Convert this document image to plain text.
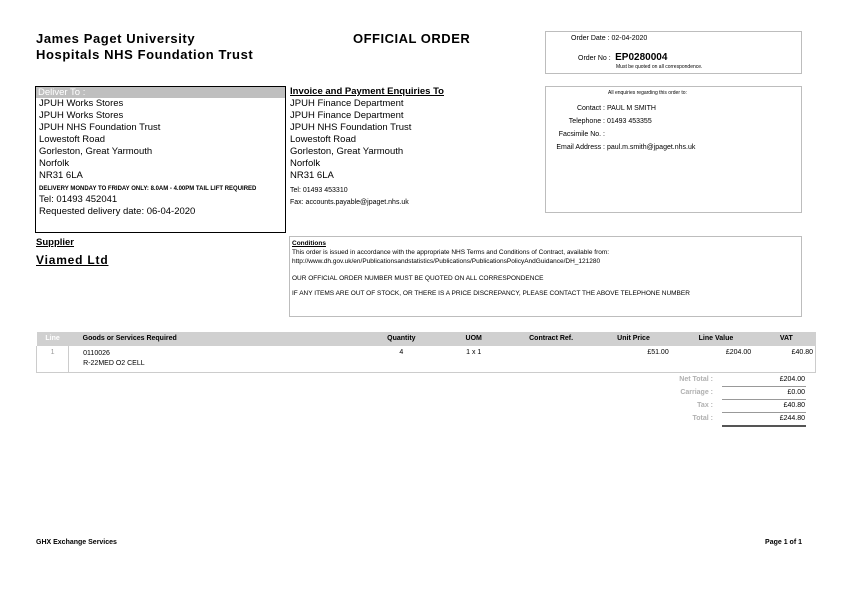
James Paget University
Hospitals NHS Foundation Trust
OFFICIAL ORDER	Order Date : 02-04-2020
Order No : EP0280004
Must be quoted on all correspondence.
Deliver To :
JPUH Works Stores
JPUH Works Stores
JPUH NHS Foundation Trust
Lowestoft Road
Gorleston, Great Yarmouth
Norfolk
NR31 6LA
DELIVERY MONDAY TO FRIDAY ONLY: 8.0AM - 4.00PM TAIL LIFT REQUIRED
Tel: 01493 452041
Requested delivery date: 06-04-2020
Invoice and Payment Enquiries To
JPUH Finance Department
JPUH Finance Department
JPUH NHS Foundation Trust
Lowestoft Road
Gorleston, Great Yarmouth
Norfolk
NR31 6LA
Tel: 01493 453310
Fax: accounts.payable@jpaget.nhs.uk
All enquiries regarding this order to:
Contact : PAUL M SMITH
Telephone : 01493 453355
Facsimile No. :
Email Address : paul.m.smith@jpaget.nhs.uk
Supplier
Viamed Ltd
Conditions
This order is issued in accordance with the appropriate NHS Terms and Conditions of Contract, available from:
http://www.dh.gov.uk/en/Publicationsandstatistics/Publications/PublicationsPolicyAndGuidance/DH_121280
OUR OFFICIAL ORDER NUMBER MUST BE QUOTED ON ALL CORRESPONDENCE
IF ANY ITEMS ARE OUT OF STOCK, OR THERE IS A PRICE DISCREPANCY, PLEASE CONTACT THE ABOVE TELEPHONE NUMBER
Line	Goods or Services Required	Quantity	UOM	Contract Ref.	Unit Price	Line Value	VAT
1	0110026
R-22MED O2 CELL	4	1 x 1		£51.00	£204.00	£40.80
Net Total :		£204.00
Carriage :		£0.00
Tax :		£40.80
Total :		£244.80
GHX Exchange Services	Page 1 of 1
